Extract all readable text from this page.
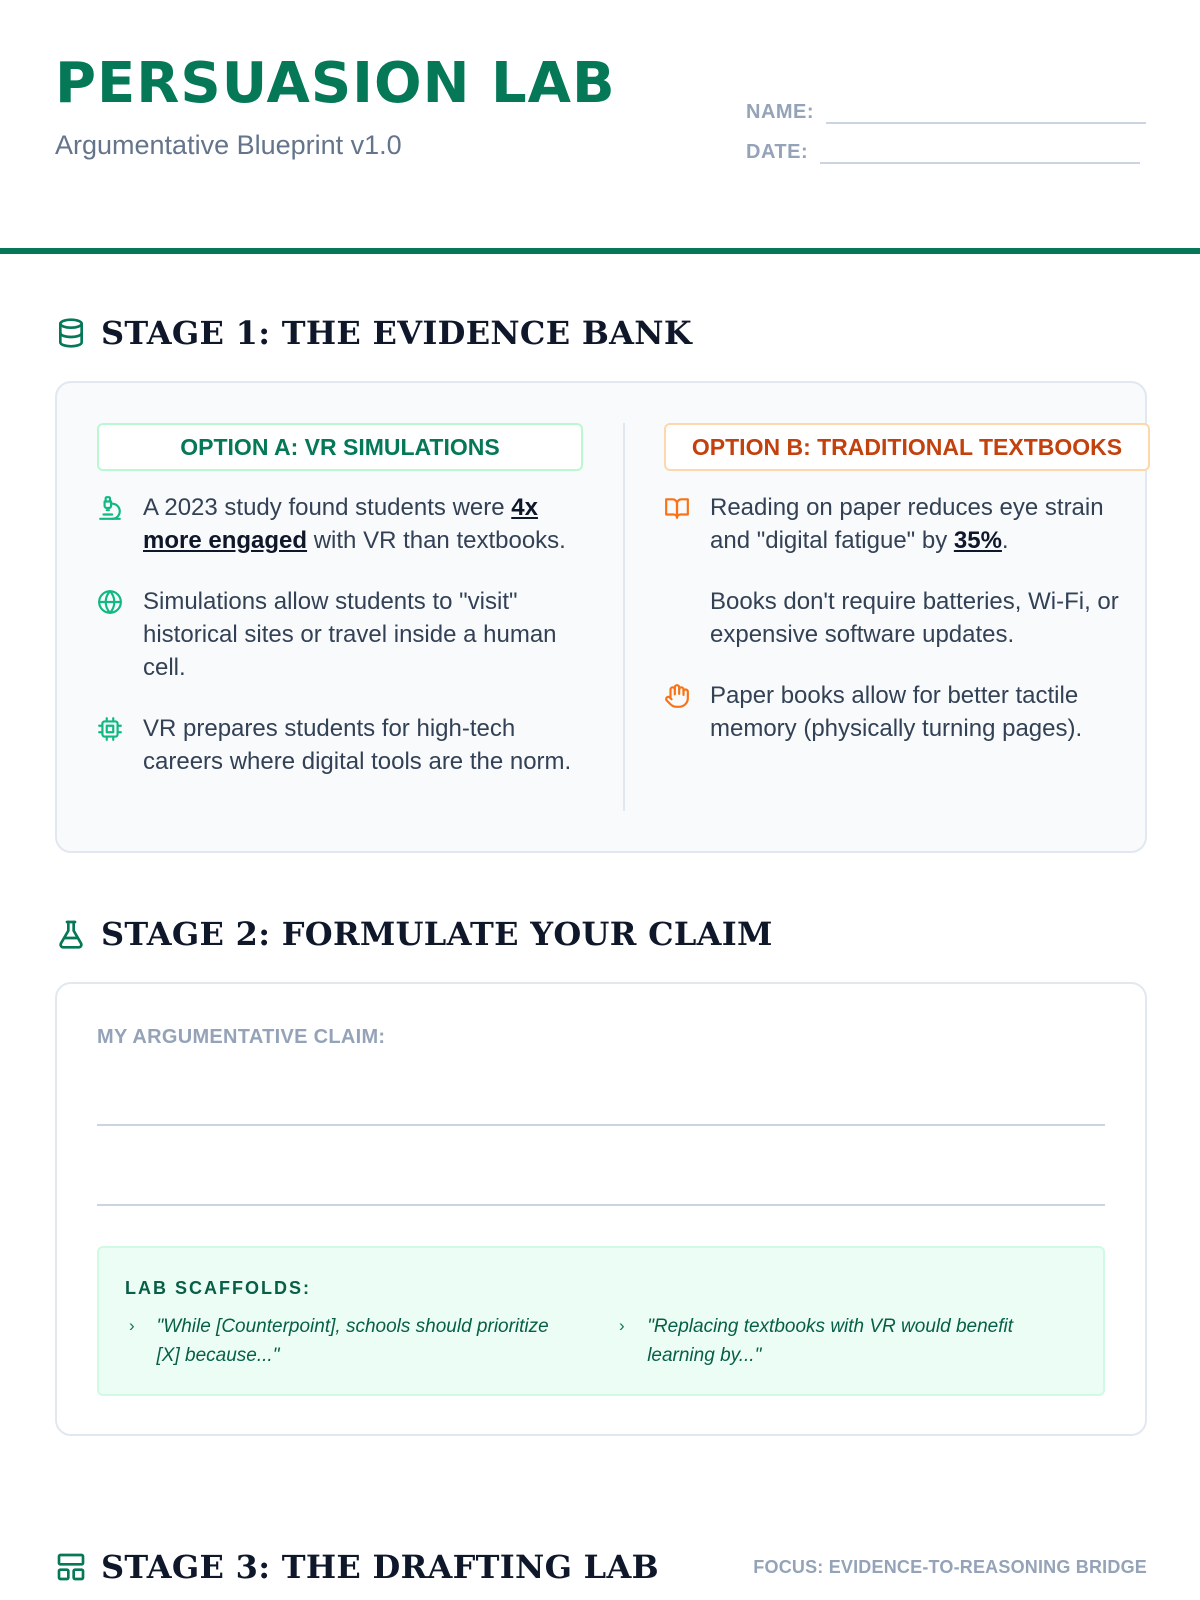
PERSUASION LAB
Argumentative Blueprint v1.0
NAME:
DATE:
STAGE 1: THE EVIDENCE BANK
OPTION A: VR SIMULATIONS
A 2023 study found students were 4x more engaged with VR than textbooks.
Simulations allow students to "visit" historical sites or travel inside a human cell.
VR prepares students for high-tech careers where digital tools are the norm.
OPTION B: TRADITIONAL TEXTBOOKS
Reading on paper reduces eye strain and "digital fatigue" by 35%.
Books don't require batteries, Wi-Fi, or expensive software updates.
Paper books allow for better tactile memory (physically turning pages).
STAGE 2: FORMULATE YOUR CLAIM
MY ARGUMENTATIVE CLAIM:
LAB SCAFFOLDS:
› "While [Counterpoint], schools should prioritize [X] because..."
› "Replacing textbooks with VR would benefit learning by..."
STAGE 3: THE DRAFTING LAB	FOCUS: EVIDENCE-TO-REASONING BRIDGE
